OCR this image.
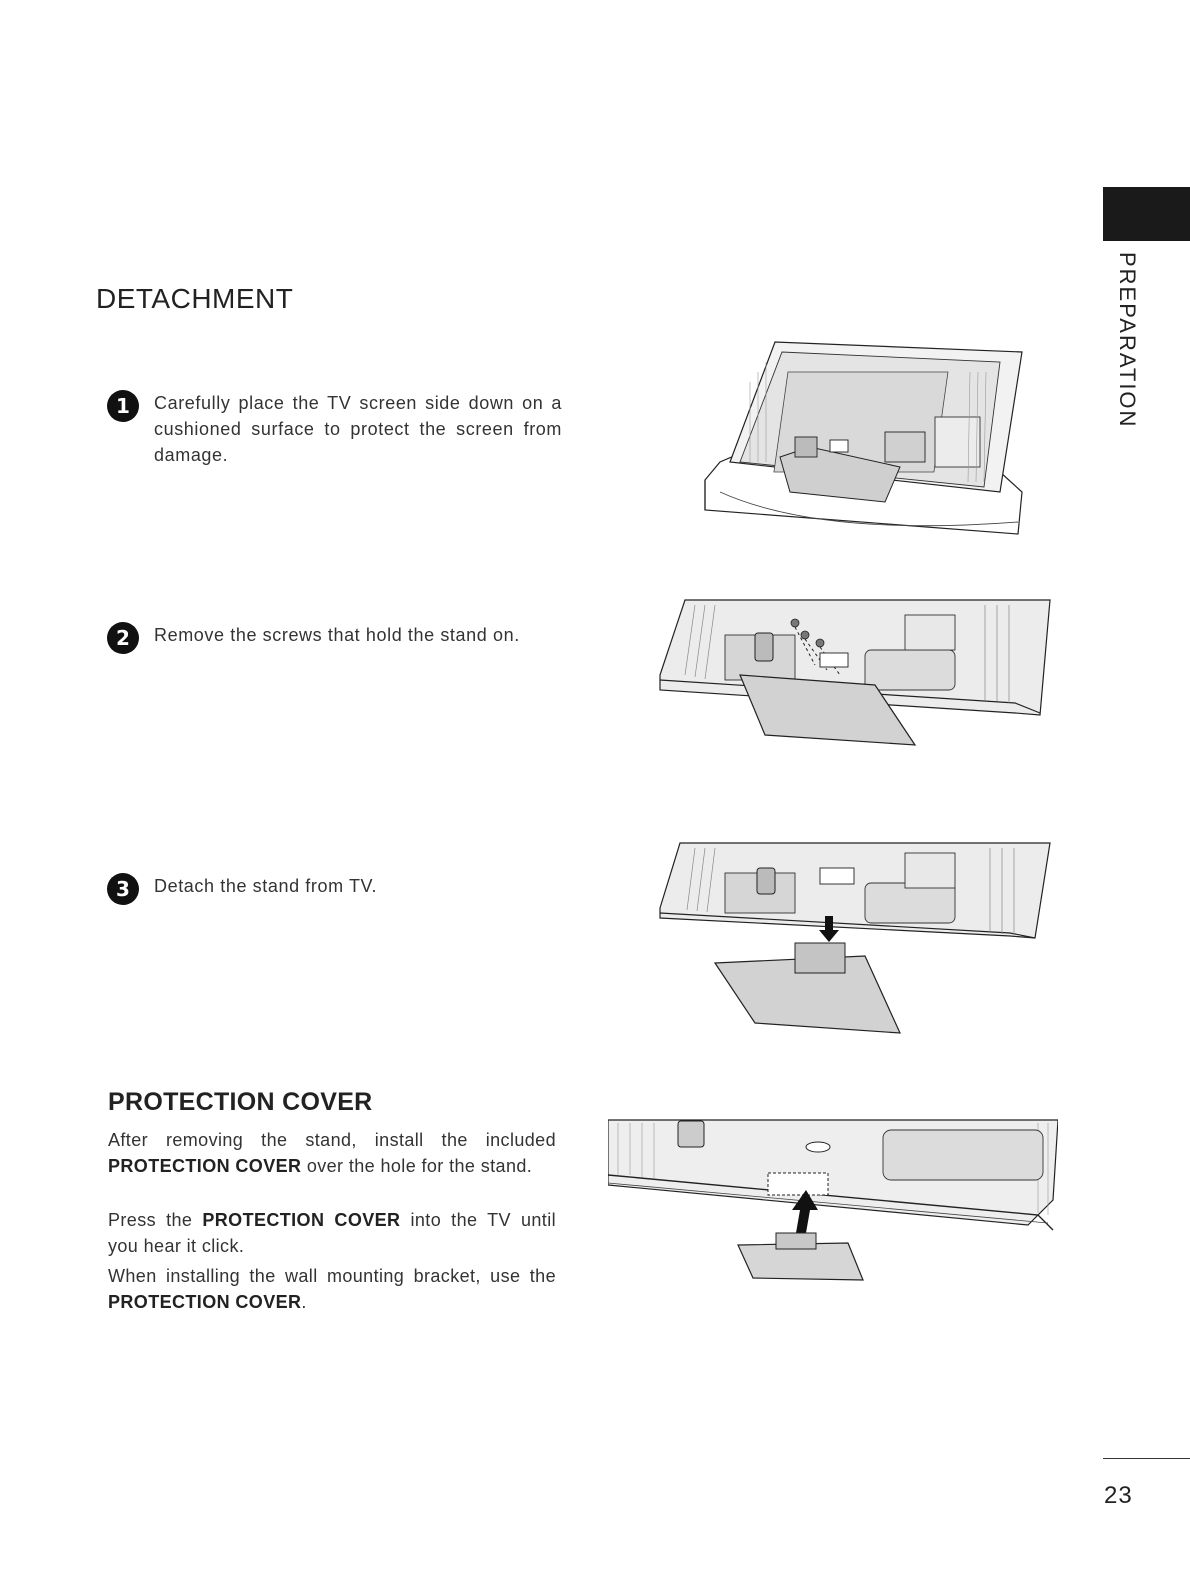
DETACHMENT
1	Carefully place the TV screen side down on a cushioned surface to protect the screen from damage.
2	Remove the screws that hold the stand on.
3	Detach the stand from TV.
PROTECTION COVER

After removing the stand, install the included PROTECTION COVER over the hole for the stand.

Press the PROTECTION COVER into the TV until you hear it click.

When installing the wall mounting bracket, use the PROTECTION COVER.

PREPARATION
23
